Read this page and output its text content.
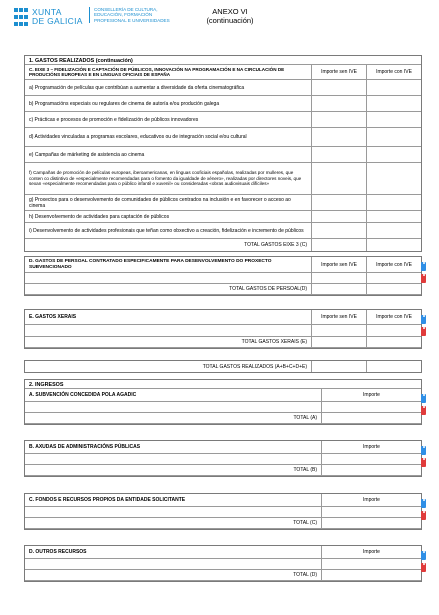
XUNTA
DE GALICIA
CONSELLERÍA DE CULTURA,
EDUCACIÓN, FORMACIÓN
PROFESIONAL E UNIVERSIDADES
ANEXO VI
(continuación)
1. GASTOS REALIZADOS (continuación)
C. EIXE 3 – FIDELIZACIÓN E CAPTACIÓN DE PÚBLICOS, INNOVACIÓN NA PROGRAMACIÓN E NA CIRCULACIÓN DE PRODUCIÓNS EUROPEAS E EN LINGUAS OFICIAIS DE ESPAÑA	Importe sen IVE	Importe con IVE
a) Programación de películas que contribúan a aumentar a diversidade da oferta cinematográfica
b) Programacións especiais ou regulares de cinema de autoría e/ou produción galega
c) Prácticas e procesos de promoción e fidelización de públicos innovadores
d) Actividades vinculadas a programas escolares, educativos ou de integración social e/ou cultural
e) Campañas de márketing de asistencia ao cinema
f) Campañas de promoción de películas europeas, iberoamericanas, en linguas cooficiais españolas, realizadas por mulleres, que conten co distintivo de «especialmente recomendadas para o fomento da igualdade de xénero», realizadas por directores noveis, que sexan «especialmente recomendadas para o público infantil e xuvenil» ou consideradas «obras audiovisuais difíciles»
g) Proxectos para o desenvolvemento de comunidades de públicos centrados na inclusión e en favorecer o acceso ao cinema
h) Desenvolvemento de actividades para captación de públicos
i) Desenvolvemento de actividades profesionais que teñan como obxectivo a creación, fidelización e incremento de públicos
TOTAL GASTOS EIXE 3 (C)
D. GASTOS DE PERSOAL CONTRATADO ESPECIFICAMENTE PARA DESENVOLVEMENTO DO PROXECTO SUBVENCIONADO	Importe sen IVE	Importe con IVE
TOTAL GASTOS DE PERSOAL(D)
E. GASTOS XERAIS	Importe sen IVE	Importe con IVE
TOTAL GASTOS XERAIS (E)
TOTAL GASTOS REALIZADOS (A+B+C+D+E)
2. INGRESOS
A. SUBVENCIÓN CONCEDIDA POLA AGADIC	Importe
TOTAL (A)
B. AXUDAS DE ADMINISTRACIÓNS PÚBLICAS	Importe
TOTAL (B)
C. FONDOS E RECURSOS PROPIOS DA ENTIDADE SOLICITANTE	Importe
TOTAL (C)
D. OUTROS RECURSOS	Importe
TOTAL (D)
